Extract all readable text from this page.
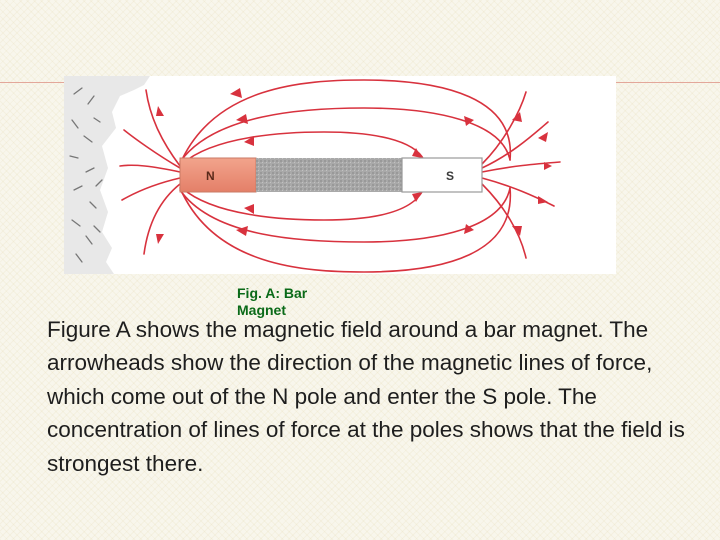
N	S
Fig. A: Bar Magnet
Figure A shows the magnetic field around a bar magnet. The arrowheads show the direction of the magnetic lines of force, which come out of the N pole and enter the S pole. The concentration of lines of force at the poles shows that the field is strongest there.
